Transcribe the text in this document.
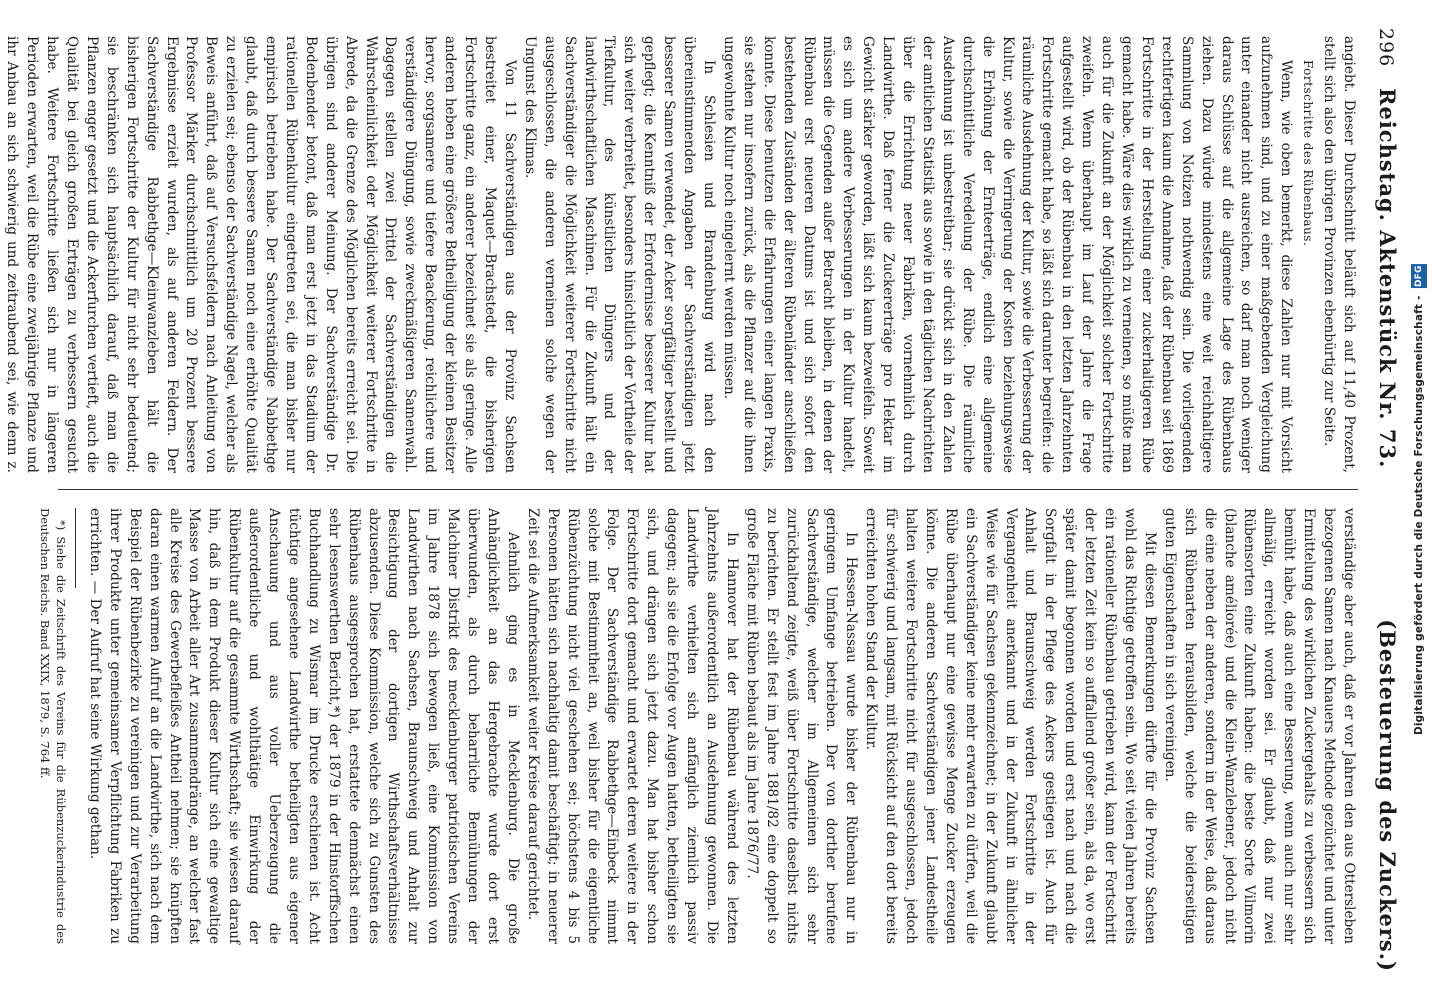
296
Reichstag. Aktenstück Nr. 73.
(Besteuerung des Zuckers.)

angiebt. Dieser Durchschnitt beläuft sich auf 11,40 Prozent, stellt sich also den übrigen Provinzen ebenbürtig zur Seite.

Fortschritte des Rübenbaus.

Wenn, wie oben bemerkt, diese Zahlen nur mit Vorsicht aufzunehmen sind, und zu einer maßgebenden Vergleichung unter einander nicht ausreichen, so darf man noch weniger daraus Schlüsse auf die allgemeine Lage des Rübenbaus ziehen. Dazu würde mindestens eine weit reichhaltigere Sammlung von Notizen nothwendig sein. Die vorliegenden rechtfertigen kaum die Annahme, daß der Rübenbau seit 1869 Fortschritte in der Herstellung einer zuckerhaltigeren Rübe gemacht habe. Wäre dies wirklich zu verneinen, so müßte man auch für die Zukunft an der Möglichkeit solcher Fortschritte zweifeln. Wenn überhaupt im Lauf der Jahre die Frage aufgestellt wird, ob der Rübenbau in den letzten Jahrzehnten Fortschritte gemacht habe, so läßt sich darunter begreifen: die räumliche Ausdehnung der Kultur, sowie die Verbesserung der Kultur, sowie die Verringerung der Kosten beziehungsweise die Erhöhung der Ernteerträge, endlich eine allgemeine durchschnittliche Veredelung der Rübe. Die räumliche Ausdehnung ist unbestreitbar; sie drückt sich in den Zahlen der amtlichen Statistik aus sowie in den täglichen Nachrichten über die Errichtung neuer Fabriken, vornehmlich durch Landwirthe. Daß ferner die Zuckererträge pro Hektar im Gewicht stärker geworden, läßt sich kaum bezweifeln. Soweit es sich um andere Verbesserungen in der Kultur handelt, müssen die Gegenden außer Betracht bleiben, in denen der Rübenbau erst neueren Datums ist und sich sofort den bestehenden Zuständen der älteren Rübenländer anschließen konnte. Diese benutzen die Erfahrungen einer langen Praxis, sie stehen nur insofern zurück, als die Pflanzer auf die ihnen ungewohnte Kultur noch eingelernt werden müssen.

In Schlesien und Brandenburg wird nach den übereinstimmenden Angaben der Sachverständigen jetzt besserer Samen verwendet, der Acker sorgfältiger bestellt und gepflegt; die Kenntniß der Erfordernisse besserer Kultur hat sich weiter verbreitet, besonders hinsichtlich der Vortheile der Tiefkultur, des künstlichen Düngers und der landwirthschaftlichen Maschinen. Für die Zukunft hält ein Sachverständiger die Möglichkeit weiterer Fortschritte nicht ausgeschlossen, die anderen verneinen solche wegen der Ungunst des Klimas.

Von 11 Sachverständigen aus der Provinz Sachsen bestreitet einer, Maquet—Brachstedt, die bisherigen Fortschritte ganz, ein anderer bezeichnet sie als geringe. Alle anderen heben eine größere Betheiligung der kleinen Besitzer hervor, sorgsamere und tiefere Beackerung, reichlichere und verständigere Düngung, sowie zweckmäßigeren Samenwahl. Dagegen stellen zwei Drittel der Sachverständigen die Wahrscheinlichkeit oder Möglichkeit weiterer Fortschritte in Abrede, da die Grenze des Möglichen bereits erreicht sei. Die übrigen sind anderer Meinung. Der Sachverständige Dr. Bodenbender betont, daß man erst jetzt in das Stadium der rationellen Rübenkultur eingetreten sei, die man bisher nur empirisch betrieben habe. Der Sachverständige Nabbethge glaubt, daß durch bessere Samen noch eine erhöhte Qualität zu erzielen sei; ebenso der Sachverständige Nagel, welcher als Beweis anführt, daß auf Versuchsfeldern nach Anleitung von Professor Märker durchschnittlich um 20 Prozent bessere Ergebnisse erzielt wurden, als auf anderen Feldern. Der Sachverständige Rabbethge—Kleinwanzleben hält die bisherigen Fortschritte der Kultur für nicht sehr bedeutend; sie beschränken sich hauptsächlich darauf, daß man die Pflanzen enger gesetzt und die Ackerfurchen vertieft, auch die Qualität bei gleich großen Erträgen zu verbessern gesucht habe. Weitere Fortschritte ließen sich nur in längeren Perioden erwarten, weil die Rübe eine zweijährige Pflanze und ihr Anbau an sich schwierig und zeitraubend sei, wie denn z.

verständige aber auch, daß er vor Jahren den aus Ottersleben bezogenen Samen nach Knauers Methode gezüchtet und unter Ermittelung des wirklichen Zuckergehalts zu verbessern sich bemüht habe, daß auch eine Besserung, wenn auch nur sehr allmälig, erreicht worden sei. Er glaubt, daß nur zwei Rübensorten eine Zukunft haben: die beste Sorte Vilmorin (blanche améliorée) und die Klein-Wanzlebener, jedoch nicht die eine neben der anderen, sondern in der Weise, daß daraus sich Rübenarten herausbilden, welche die beiderseitigen guten Eigenschaften in sich vereinigen.

Mit diesen Bemerkungen dürfte für die Provinz Sachsen wohl das Richtige getroffen sein. Wo seit vielen Jahren bereits ein rationeller Rübenbau getrieben wird, kann der Fortschritt der letzten Zeit kein so auffallend großer sein, als da, wo erst später damit begonnen worden und erst nach und nach die Sorgfalt in der Pflege des Ackers gestiegen ist. Auch für Anhalt und Braunschweig werden Fortschritte in der Vergangenheit anerkannt und in der Zukunft in ähnlicher Weise wie für Sachsen gekennzeichnet; in der Zukunft glaubt ein Sachverständiger keine mehr erwarten zu dürfen, weil die Rübe überhaupt nur eine gewisse Menge Zucker erzeugen könne. Die anderen Sachverständigen jener Landestheile halten weitere Fortschritte nicht für ausgeschlossen, jedoch für schwierig und langsam, mit Rücksicht auf den dort bereits erreichten hohen Stand der Kultur.

In Hessen-Nassau wurde bisher der Rübenbau nur in geringem Umfange betrieben. Der von dorther berufene Sachverständige, welcher im Allgemeinen sich sehr zurückhaltend zeigte, weiß über Fortschritte daselbst nichts zu berichten. Er stellt fest im Jahre 1881/82 eine doppelt so große Fläche mit Rüben bebaut als im Jahre 1876/77.

In Hannover hat der Rübenbau während des letzten Jahrzehnts außerordentlich an Ausdehnung gewonnen. Die Landwirthe verhielten sich anfänglich ziemlich passiv dagegen; als sie die Erfolge vor Augen hatten, betheiligten sie sich, und drängen sich jetzt dazu. Man hat bisher schon Fortschritte dort gemacht und erwartet deren weitere in der Folge. Der Sachverständige Rabbethge—Einbeck nimmt solche mit Bestimmtheit an, weil bisher für die eigentliche Rübenzüchtung nicht viel geschehen sei; höchstens 4 bis 5 Personen hätten sich nachhaltig damit beschäftigt; in neuerer Zeit sei die Aufmerksamkeit weiter Kreise darauf gerichtet.

Aehnlich ging es in Mecklenburg. Die große Anhänglichkeit an das Hergebrachte wurde dort erst überwunden, als durch beharrliche Bemühungen der Malchiner Distrikt des mecklenburger patriotischen Vereins im Jahre 1878 sich bewogen ließ, eine Kommission von Landwirthen nach Sachsen, Braunschweig und Anhalt zur Besichtigung der dortigen Wirthschaftsverhältnisse abzusenden. Diese Kommission, welche sich zu Gunsten des Rübenbaus ausgesprochen hat, erstattete demnächst einen sehr lesenswerthen Bericht,*) der 1879 in der Hinstorffschen Buchhandlung zu Wismar im Drucke erschienen ist. Acht tüchtige angesehene Landwirthe betheiligten aus eigener Anschauung und aus voller Ueberzeugung die außerordentliche und wohlthätige Einwirkung der Rübenkultur auf die gesammte Wirthschaft; sie wiesen darauf hin, daß in dem Produkt dieser Kultur sich eine gewaltige Masse von Arbeit aller Art zusammendränge, an welcher fast alle Kreise des Gewerbefleißes Antheil nehmen; sie knüpften daran einen warmen Aufruf an die Landwirthe, sich nach dem Beispiel der Rübenbezirke zu vereinigen und zur Verarbeitung ihrer Produkte unter gemeinsamer Verpflichtung Fabriken zu errichten. — Der Aufruf hat seine Wirkung gethan.

*) Siehe die Zeitschrift des Vereins für die Rübenzuckerindustrie des Deutschen Reichs. Band XXIX, 1879, S. 764 ff.	Digitalisierung gefördert durch die Deutsche Forschungsgemeinschaft - DFG
